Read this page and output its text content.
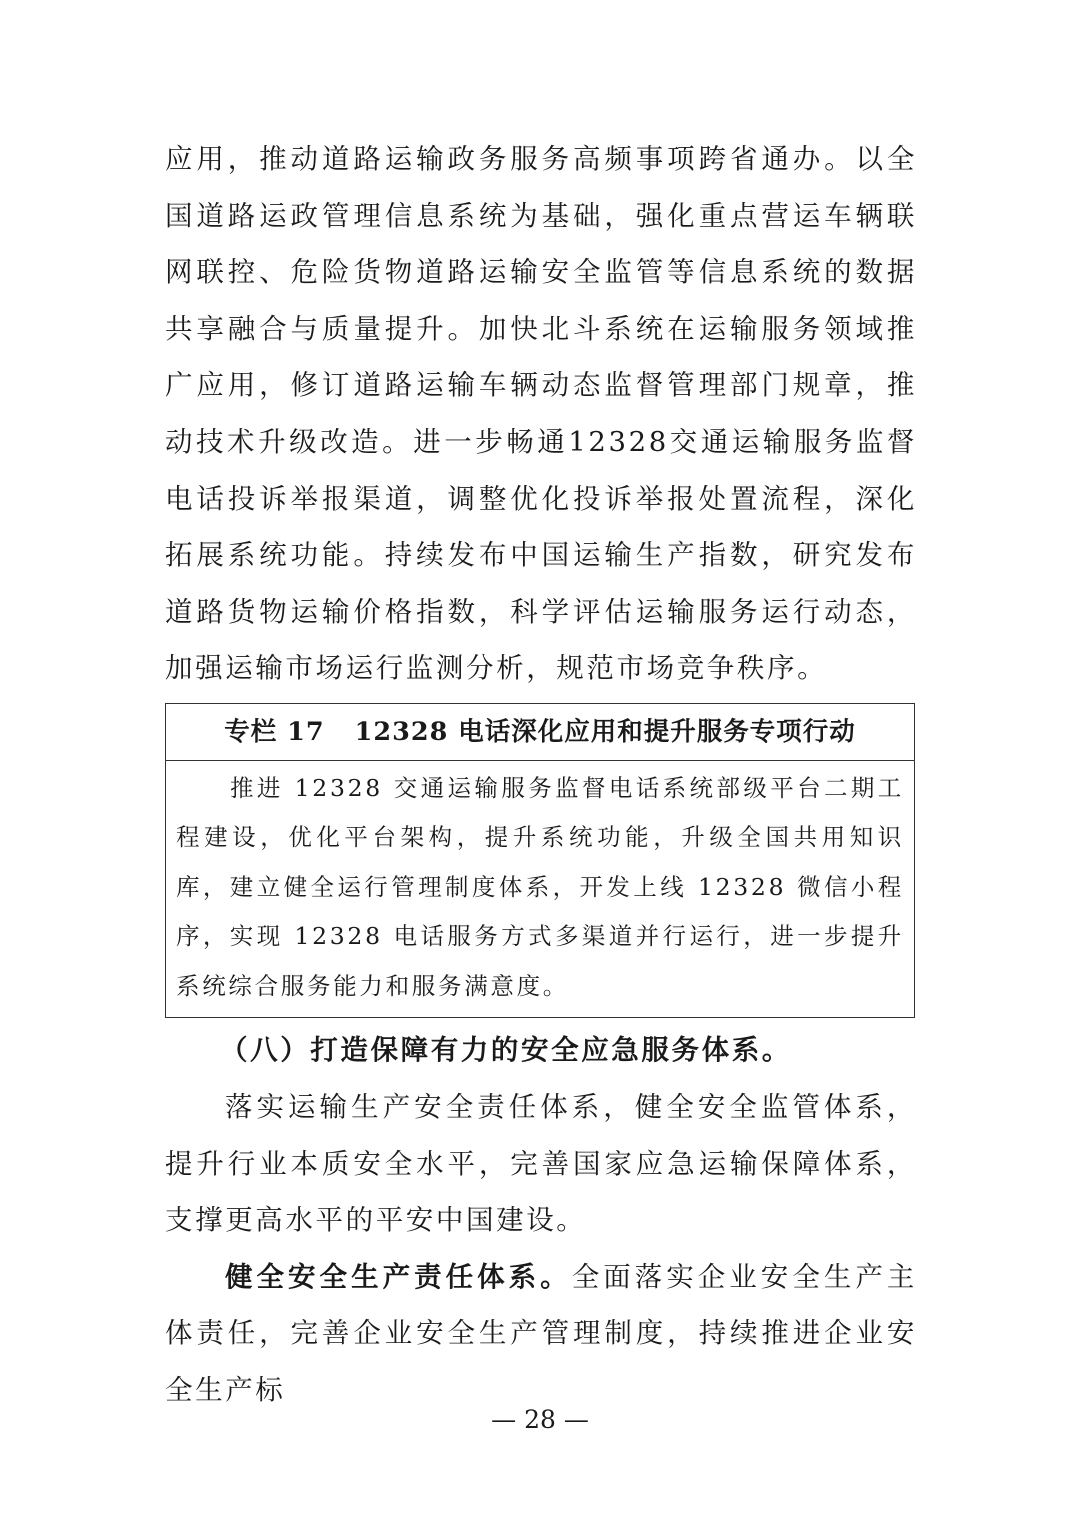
应用，推动道路运输政务服务高频事项跨省通办。以全国道路运政管理信息系统为基础，强化重点营运车辆联网联控、危险货物道路运输安全监管等信息系统的数据共享融合与质量提升。加快北斗系统在运输服务领域推广应用，修订道路运输车辆动态监督管理部门规章，推动技术升级改造。进一步畅通12328交通运输服务监督电话投诉举报渠道，调整优化投诉举报处置流程，深化拓展系统功能。持续发布中国运输生产指数，研究发布道路货物运输价格指数，科学评估运输服务运行动态，加强运输市场运行监测分析，规范市场竞争秩序。

专栏 17 12328 电话深化应用和提升服务专项行动

推进 12328 交通运输服务监督电话系统部级平台二期工程建设，优化平台架构，提升系统功能，升级全国共用知识库，建立健全运行管理制度体系，开发上线 12328 微信小程序，实现 12328 电话服务方式多渠道并行运行，进一步提升系统综合服务能力和服务满意度。

（八）打造保障有力的安全应急服务体系。

落实运输生产安全责任体系，健全安全监管体系，提升行业本质安全水平，完善国家应急运输保障体系，支撑更高水平的平安中国建设。

健全安全生产责任体系。全面落实企业安全生产主体责任，完善企业安全生产管理制度，持续推进企业安全生产标

— 28 —
